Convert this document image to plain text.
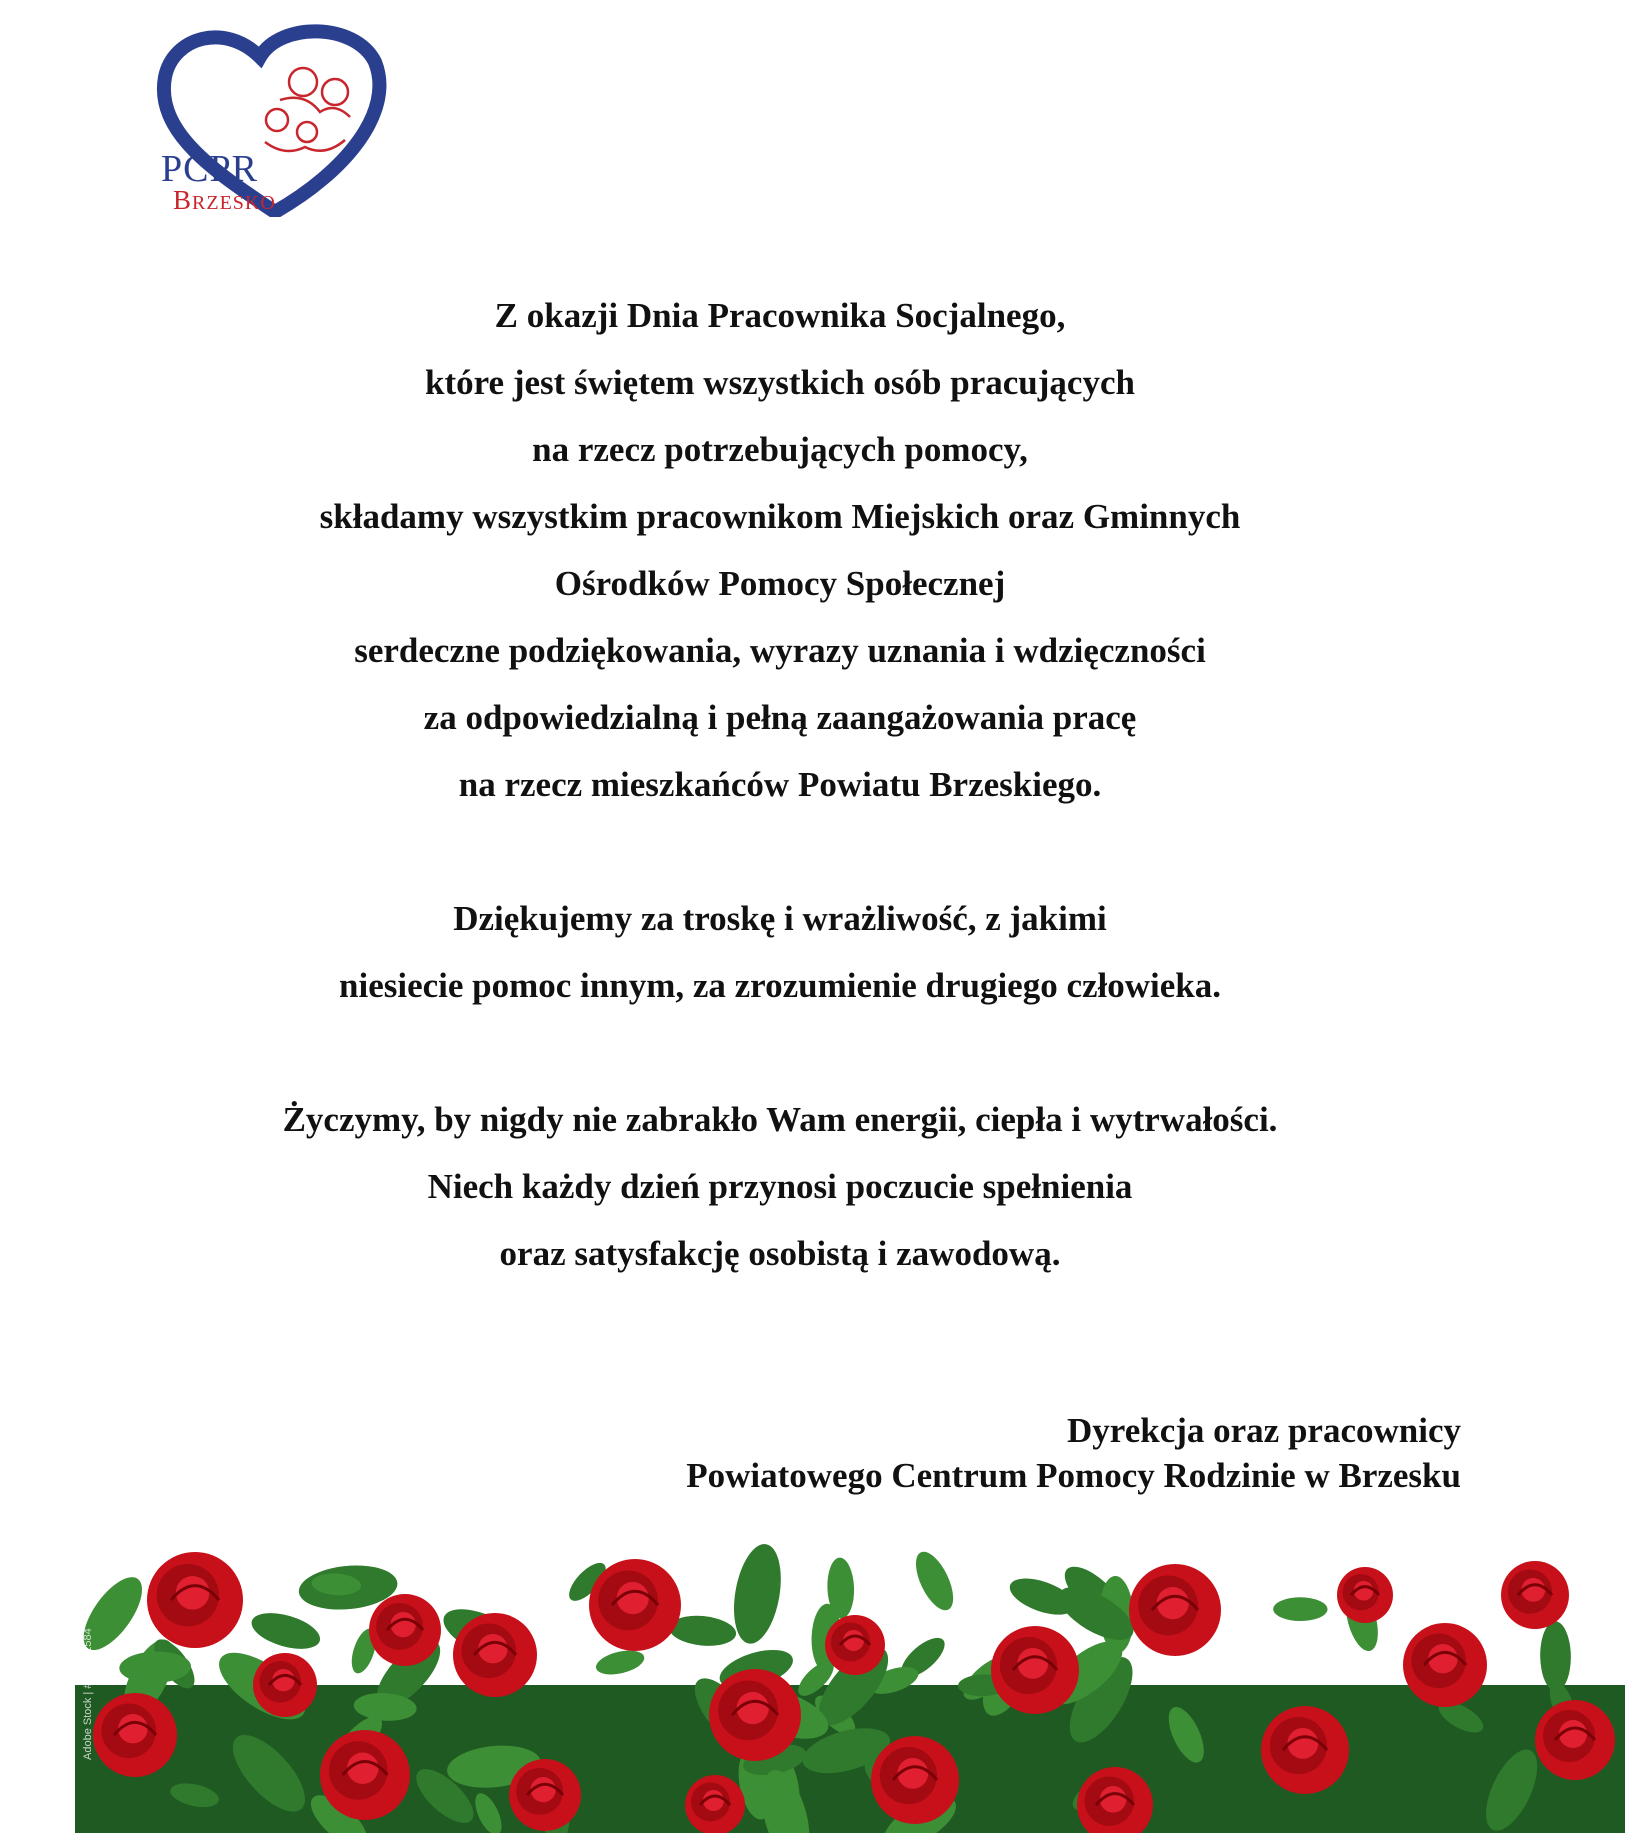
PCPR
BRZESKO
Z okazji Dnia Pracownika Socjalnego,
które jest świętem wszystkich osób pracujących
na rzecz potrzebujących pomocy,
składamy wszystkim pracownikom Miejskich oraz Gminnych
Ośrodków Pomocy Społecznej
serdeczne podziękowania, wyrazy uznania i wdzięczności
za odpowiedzialną i pełną zaangażowania pracę
na rzecz mieszkańców Powiatu Brzeskiego.
Dziękujemy za troskę i wrażliwość, z jakimi
niesiecie pomoc innym, za zrozumienie drugiego człowieka.
Życzymy, by nigdy nie zabrakło Wam energii, ciepła i wytrwałości.
Niech każdy dzień przynosi poczucie spełnienia
oraz satysfakcję osobistą i zawodową.
Dyrekcja oraz pracownicy
Powiatowego Centrum Pomocy Rodzinie w Brzesku
Adobe Stock | #294911584
